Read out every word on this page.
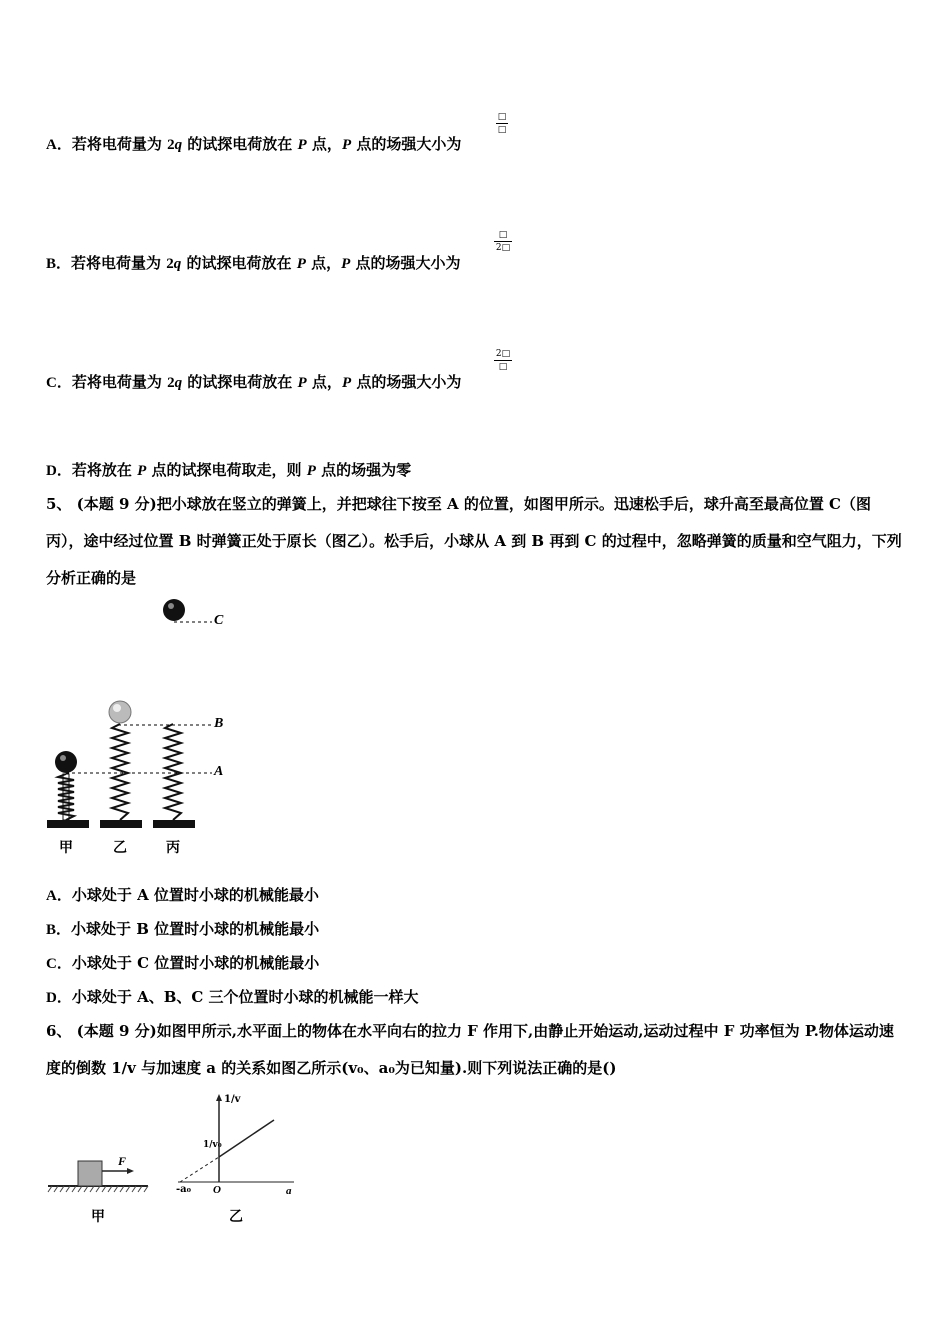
A．若将电荷量为 2q 的试探电荷放在 P 点，P 点的场强大小为
□
□
B．若将电荷量为 2q 的试探电荷放在 P 点，P 点的场强大小为
□
2□
C．若将电荷量为 2q 的试探电荷放在 P 点，P 点的场强大小为
2□
□
D．若将放在 P 点的试探电荷取走，则 P 点的场强为零
5、 (本题 9 分)把小球放在竖立的弹簧上，并把球往下按至 A 的位置，如图甲所示。迅速松手后，球升高至最高位置 C（图丙），途中经过位置 B 时弹簧正处于原长（图乙）。松手后，小球从 A 到 B 再到 C 的过程中，忽略弹簧的质量和空气阻力，下列分析正确的是
C
B
A
甲	乙	丙
A．小球处于 A 位置时小球的机械能最小
B．小球处于 B 位置时小球的机械能最小
C．小球处于 C 位置时小球的机械能最小
D．小球处于 A、B、C 三个位置时小球的机械能一样大
6、 (本题 9 分)如图甲所示,水平面上的物体在水平向右的拉力 F 作用下,由静止开始运动,运动过程中 F 功率恒为 P.物体运动速度的倒数 1/v 与加速度 a 的关系如图乙所示(v₀、a₀为已知量).则下列说法正确的是()
F
甲
1/v
1/v₀
-a₀ O	a
乙
